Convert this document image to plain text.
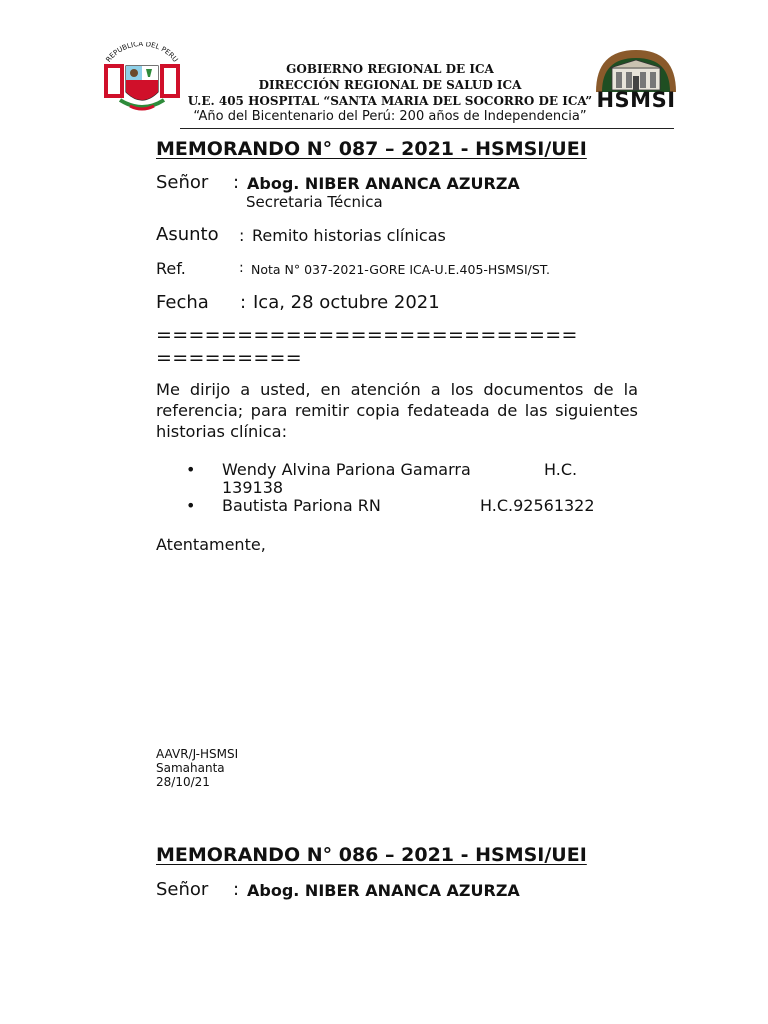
REPUBLICA DEL PERU
HSMSI
GOBIERNO REGIONAL DE ICA
DIRECCIÓN REGIONAL DE SALUD ICA
U.E. 405 HOSPITAL “SANTA MARIA DEL SOCORRO DE ICA”
“Año del Bicentenario del Perú: 200 años de Independencia”
MEMORANDO N° 087 – 2021 - HSMSI/UEI
Señor : Abog. NIBER ANANCA AZURZA
Secretaria Técnica
Asunto : Remito historias clínicas
Ref.	: Nota N° 037-2021-GORE ICA-U.E.405-HSMSI/ST.
Fecha : Ica, 28 octubre 2021
==========================
=========
Me dirijo a usted, en atención a los documentos de la referencia; para remitir copia fedateada de las siguientes historias clínica:
• Wendy Alvina Pariona Gamarra	H.C.
139138
• Bautista Pariona RN	H.C.92561322
Atentamente,
AAVR/J-HSMSI
Samahanta
28/10/21
MEMORANDO N° 086 – 2021 - HSMSI/UEI
Señor : Abog. NIBER ANANCA AZURZA
